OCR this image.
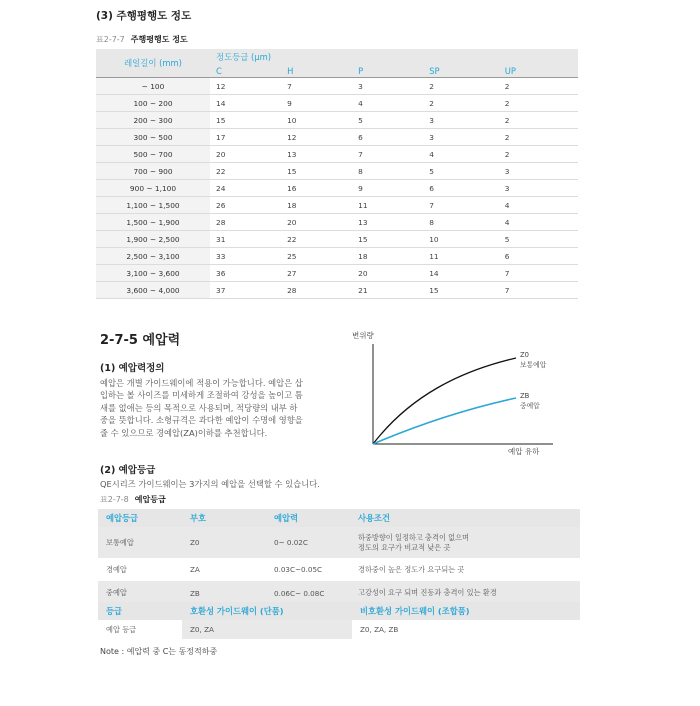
(3) 주행평행도 정도
표2-7-7 주행평행도 정도
레일길이 (mm)	정도등급 (μm)				
	C	H	P	SP	UP
~ 100	12	7	3	2	2
100 ~ 200	14	9	4	2	2
200 ~ 300	15	10	5	3	2
300 ~ 500	17	12	6	3	2
500 ~ 700	20	13	7	4	2
700 ~ 900	22	15	8	5	3
900 ~ 1,100	24	16	9	6	3
1,100 ~ 1,500	26	18	11	7	4
1,500 ~ 1,900	28	20	13	8	4
1,900 ~ 2,500	31	22	15	10	5
2,500 ~ 3,100	33	25	18	11	6
3,100 ~ 3,600	36	27	20	14	7
3,600 ~ 4,000	37	28	21	15	7
2-7-5 예압력
(1) 예압력정의
예압은 개별 가이드웨이에 적용이 가능합니다. 예압은 삽
입하는 볼 사이즈를 미세하게 조절하여 강성을 높이고 틈
새를 없애는 등의 목적으로 사용되며, 적당량의 내부 하
중을 뜻합니다. 소형규격은 과다한 예압이 수명에 영향을
줄 수 있으므로 경예압(ZA)이하를 추천합니다.
변위량
예압 유하
Z0
보통예압
ZB
중예압
(2) 예압등급
QE시리즈 가이드웨이는 3가지의 예압을 선택할 수 있습니다.
표2-7-8 예압등급
예압등급	부호	예압력	사용조건
보통예압	Z0	0~ 0.02C	하중방향이 일정하고 충격이 없으며
정도의 요구가 비교적 낮은 곳

경예압	ZA	0.03C~0.05C	경하중이 높은 정도가 요구되는 곳
중예압	ZB	0.06C~ 0.08C	고강성이 요구 되며 진동과 충격이 있는 환경
등급	호환성 가이드웨이 (단품)	비호환성 가이드웨이 (조합품)
예압 등급	Z0, ZA	Z0, ZA, ZB
Note : 예압력 중 C는 동정적하중
